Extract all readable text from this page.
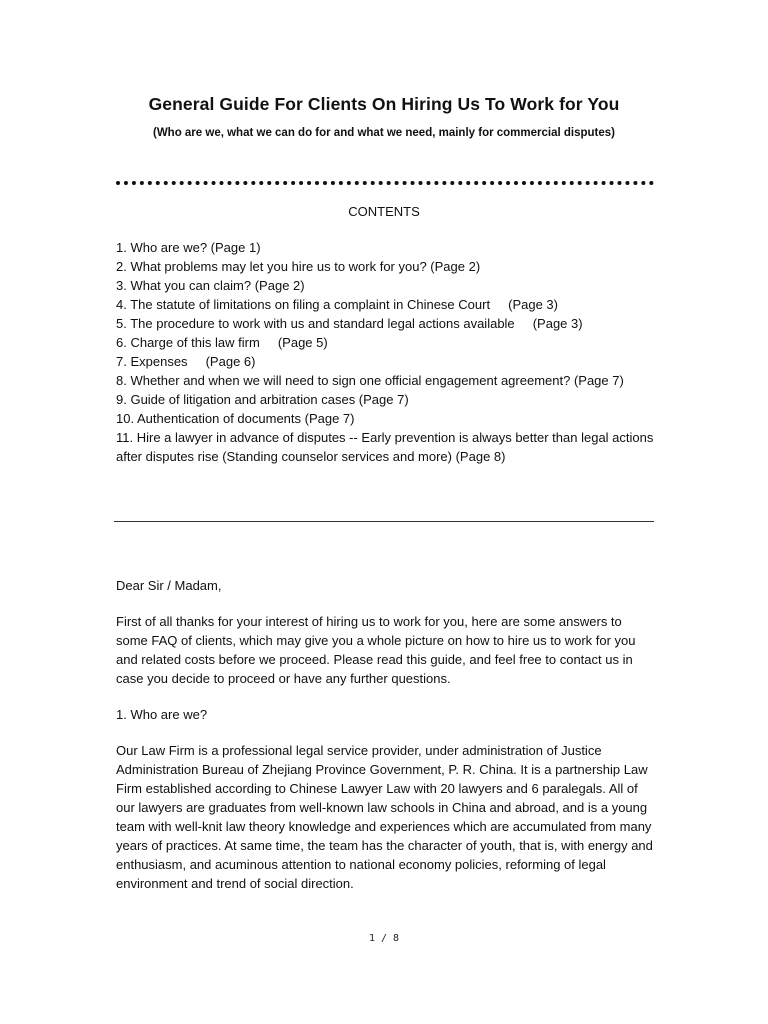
General Guide For Clients On Hiring Us To Work for You
(Who are we, what we can do for and what we need, mainly for commercial disputes)
CONTENTS
1. Who are we? (Page 1)
2. What problems may let you hire us to work for you? (Page 2)
3. What you can claim? (Page 2)
4. The statute of limitations on filing a complaint in Chinese Court     (Page 3)
5. The procedure to work with us and standard legal actions available     (Page 3)
6. Charge of this law firm     (Page 5)
7. Expenses     (Page 6)
8. Whether and when we will need to sign one official engagement agreement? (Page 7)
9. Guide of litigation and arbitration cases (Page 7)
10. Authentication of documents (Page 7)
11. Hire a lawyer in advance of disputes -- Early prevention is always better than legal actions after disputes rise (Standing counselor services and more) (Page 8)

Dear Sir / Madam,

First of all thanks for your interest of hiring us to work for you, here are some answers to some FAQ of clients, which may give you a whole picture on how to hire us to work for you and related costs before we proceed. Please read this guide, and feel free to contact us in case you decide to proceed or have any further questions.

1. Who are we?

Our Law Firm is a professional legal service provider, under administration of Justice Administration Bureau of Zhejiang Province Government, P. R. China. It is a partnership Law Firm established according to Chinese Lawyer Law with 20 lawyers and 6 paralegals. All of our lawyers are graduates from well-known law schools in China and abroad, and is a young team with well-knit law theory knowledge and experiences which are accumulated from many years of practices. At same time, the team has the character of youth, that is, with energy and enthusiasm, and acuminous attention to national economy policies, reforming of legal environment and trend of social direction.

1 / 8
